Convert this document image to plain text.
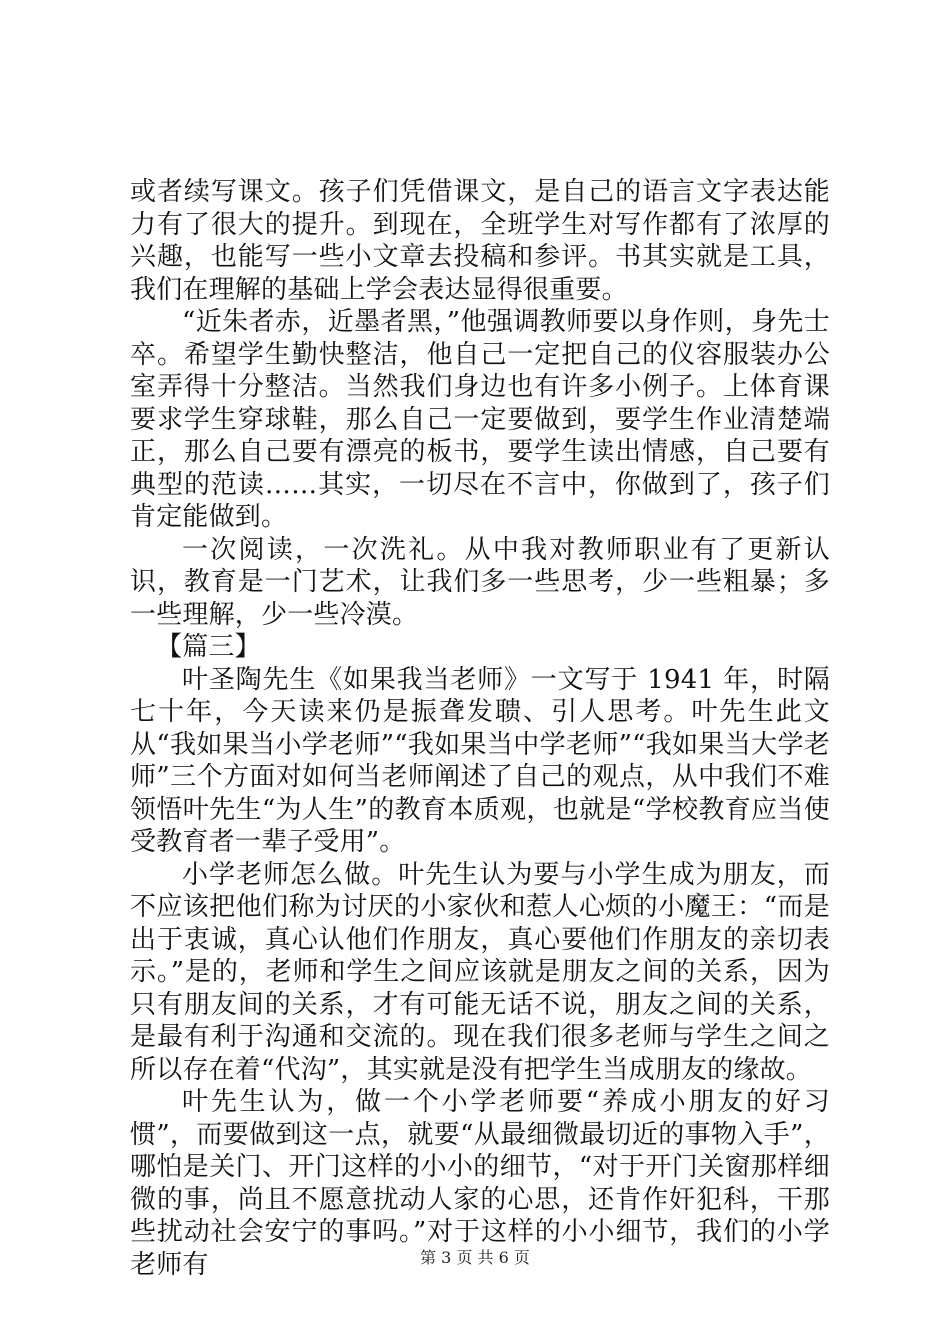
或者续写课文。孩子们凭借课文，是自己的语言文字表达能力有了很大的提升。到现在，全班学生对写作都有了浓厚的兴趣，也能写一些小文章去投稿和参评。书其实就是工具，我们在理解的基础上学会表达显得很重要。

“近朱者赤，近墨者黑，”他强调教师要以身作则，身先士卒。希望学生勤快整洁，他自己一定把自己的仪容服装办公室弄得十分整洁。当然我们身边也有许多小例子。上体育课要求学生穿球鞋，那么自己一定要做到，要学生作业清楚端正，那么自己要有漂亮的板书，要学生读出情感，自己要有典型的范读……其实，一切尽在不言中，你做到了，孩子们肯定能做到。

一次阅读，一次洗礼。从中我对教师职业有了更新认识，教育是一门艺术，让我们多一些思考，少一些粗暴；多一些理解，少一些冷漠。

【篇三】

叶圣陶先生《如果我当老师》一文写于 1941 年，时隔七十年，今天读来仍是振聋发聩、引人思考。叶先生此文从“我如果当小学老师”“我如果当中学老师”“我如果当大学老师”三个方面对如何当老师阐述了自己的观点，从中我们不难领悟叶先生“为人生”的教育本质观，也就是“学校教育应当使受教育者一辈子受用”。

小学老师怎么做。叶先生认为要与小学生成为朋友，而不应该把他们称为讨厌的小家伙和惹人心烦的小魔王：“而是出于衷诚，真心认他们作朋友，真心要他们作朋友的亲切表示。”是的，老师和学生之间应该就是朋友之间的关系，因为只有朋友间的关系，才有可能无话不说，朋友之间的关系，是最有利于沟通和交流的。现在我们很多老师与学生之间之所以存在着“代沟”，其实就是没有把学生当成朋友的缘故。

叶先生认为，做一个小学老师要“养成小朋友的好习惯”，而要做到这一点，就要“从最细微最切近的事物入手”，哪怕是关门、开门这样的小小的细节，“对于开门关窗那样细微的事，尚且不愿意扰动人家的心思，还肯作奸犯科，干那些扰动社会安宁的事吗。”对于这样的小小细节，我们的小学老师有	第 3 页 共 6 页
